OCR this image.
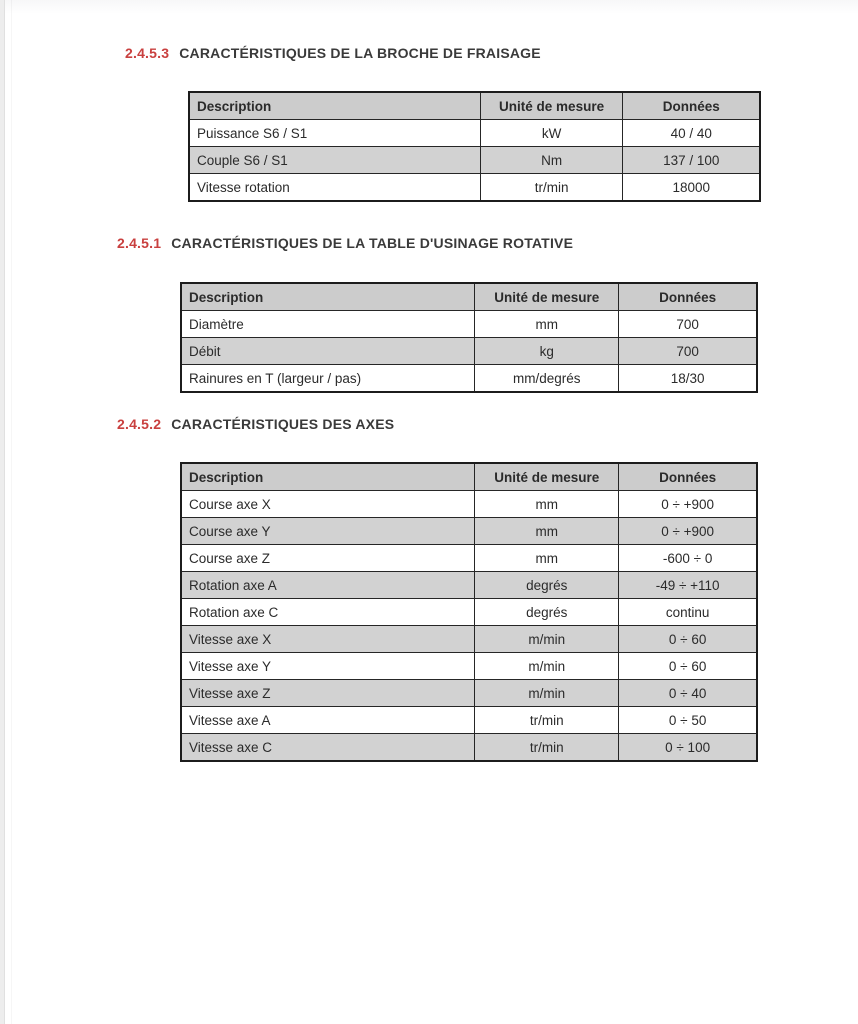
2.4.5.3 CARACTÉRISTIQUES DE LA BROCHE DE FRAISAGE
Description	Unité de mesure	Données
Puissance S6 / S1	kW	40 / 40
Couple S6 / S1	Nm	137 / 100
Vitesse rotation	tr/min	18000
2.4.5.1 CARACTÉRISTIQUES DE LA TABLE D'USINAGE ROTATIVE
Description	Unité de mesure	Données
Diamètre	mm	700
Débit	kg	700
Rainures en T (largeur / pas)	mm/degrés	18/30
2.4.5.2 CARACTÉRISTIQUES DES AXES
Description	Unité de mesure	Données
Course axe X	mm	0 ÷ +900
Course axe Y	mm	0 ÷ +900
Course axe Z	mm	-600 ÷ 0
Rotation axe A	degrés	-49 ÷ +110
Rotation axe C	degrés	continu
Vitesse axe X	m/min	0 ÷ 60
Vitesse axe Y	m/min	0 ÷ 60
Vitesse axe Z	m/min	0 ÷ 40
Vitesse axe A	tr/min	0 ÷ 50
Vitesse axe C	tr/min	0 ÷ 100
